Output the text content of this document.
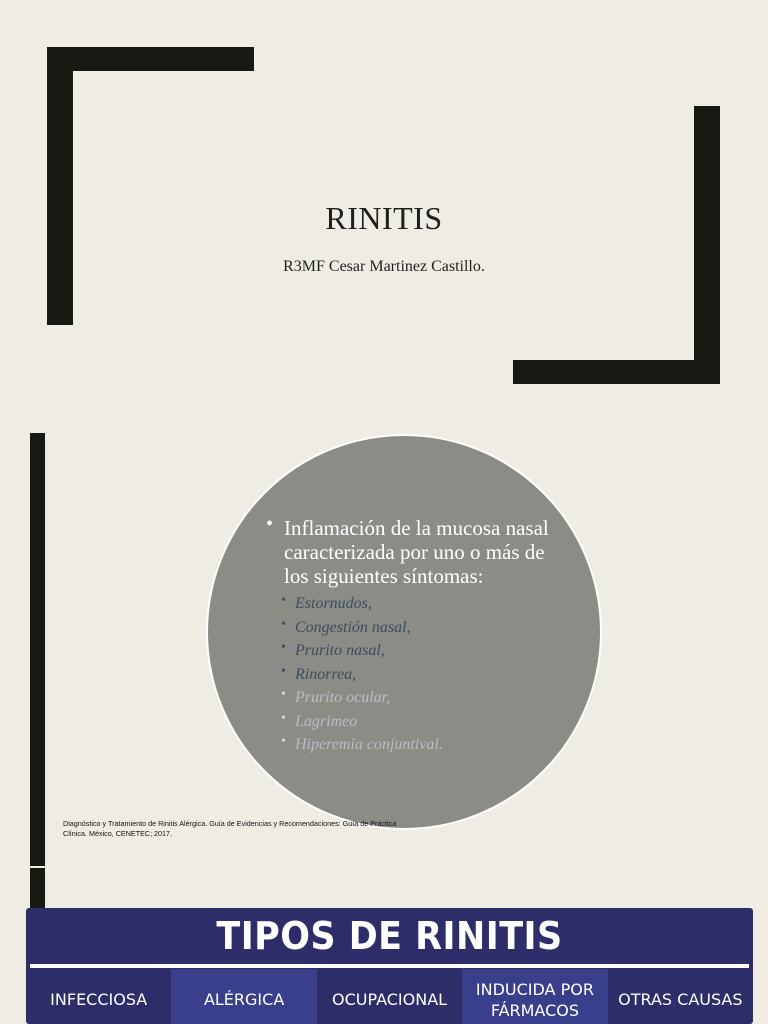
RINITIS
R3MF Cesar Martinez Castillo.

• Inflamación de la mucosa nasal caracterizada por uno o más de los siguientes síntomas:

• Estornudos,
• Congestión nasal,
• Prurito nasal,
• Rinorrea,
• Prurito ocular,
• Lagrimeo
• Hiperemia conjuntival.
Diagnóstico y Tratamiento de Rinitis Alérgica. Guía de Evidencias y Recomendaciones: Guía de Práctica Clínica. México, CENETEC; 2017.
TIPOS DE RINITIS
INFECCIOSA	ALÉRGICA	OCUPACIONAL
INDUCIDA POR FÁRMACOS
OTRAS CAUSAS
